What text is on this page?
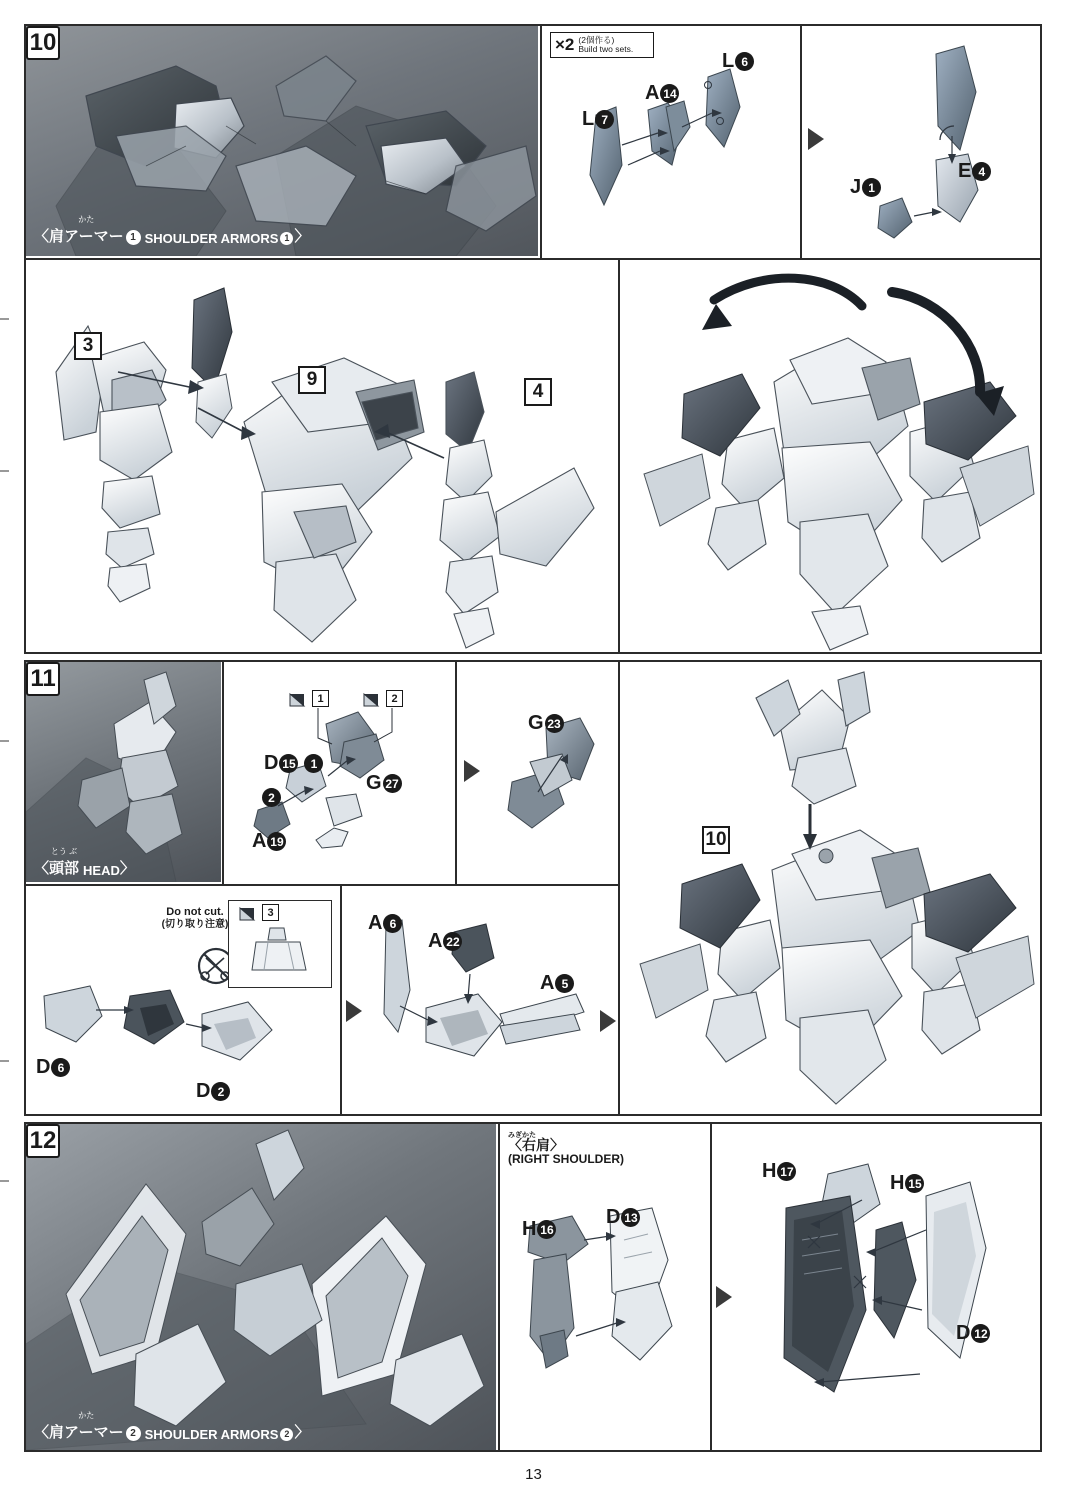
10
〈
かた
肩アーマー 1 SHOULDER ARMORS 1 〉
×2 (2個作る)
Build two sets.
L 7
A 14
L 6
J 1
E 4
3
9
4
11
〈
とう ぶ
頭部 HEAD 〉
1	2
D 15	1
G 27
2
A 19
G 23
Do not cut.
(切り取り注意)
3
D 6
D 2
A 6
A 22
A 5
10
12
〈
かた
肩アーマー 2 SHOULDER ARMORS 2 〉
みぎかた
〈右肩〉
(RIGHT SHOULDER)
H 16
D 13
H 17
H 15
D 12
13
